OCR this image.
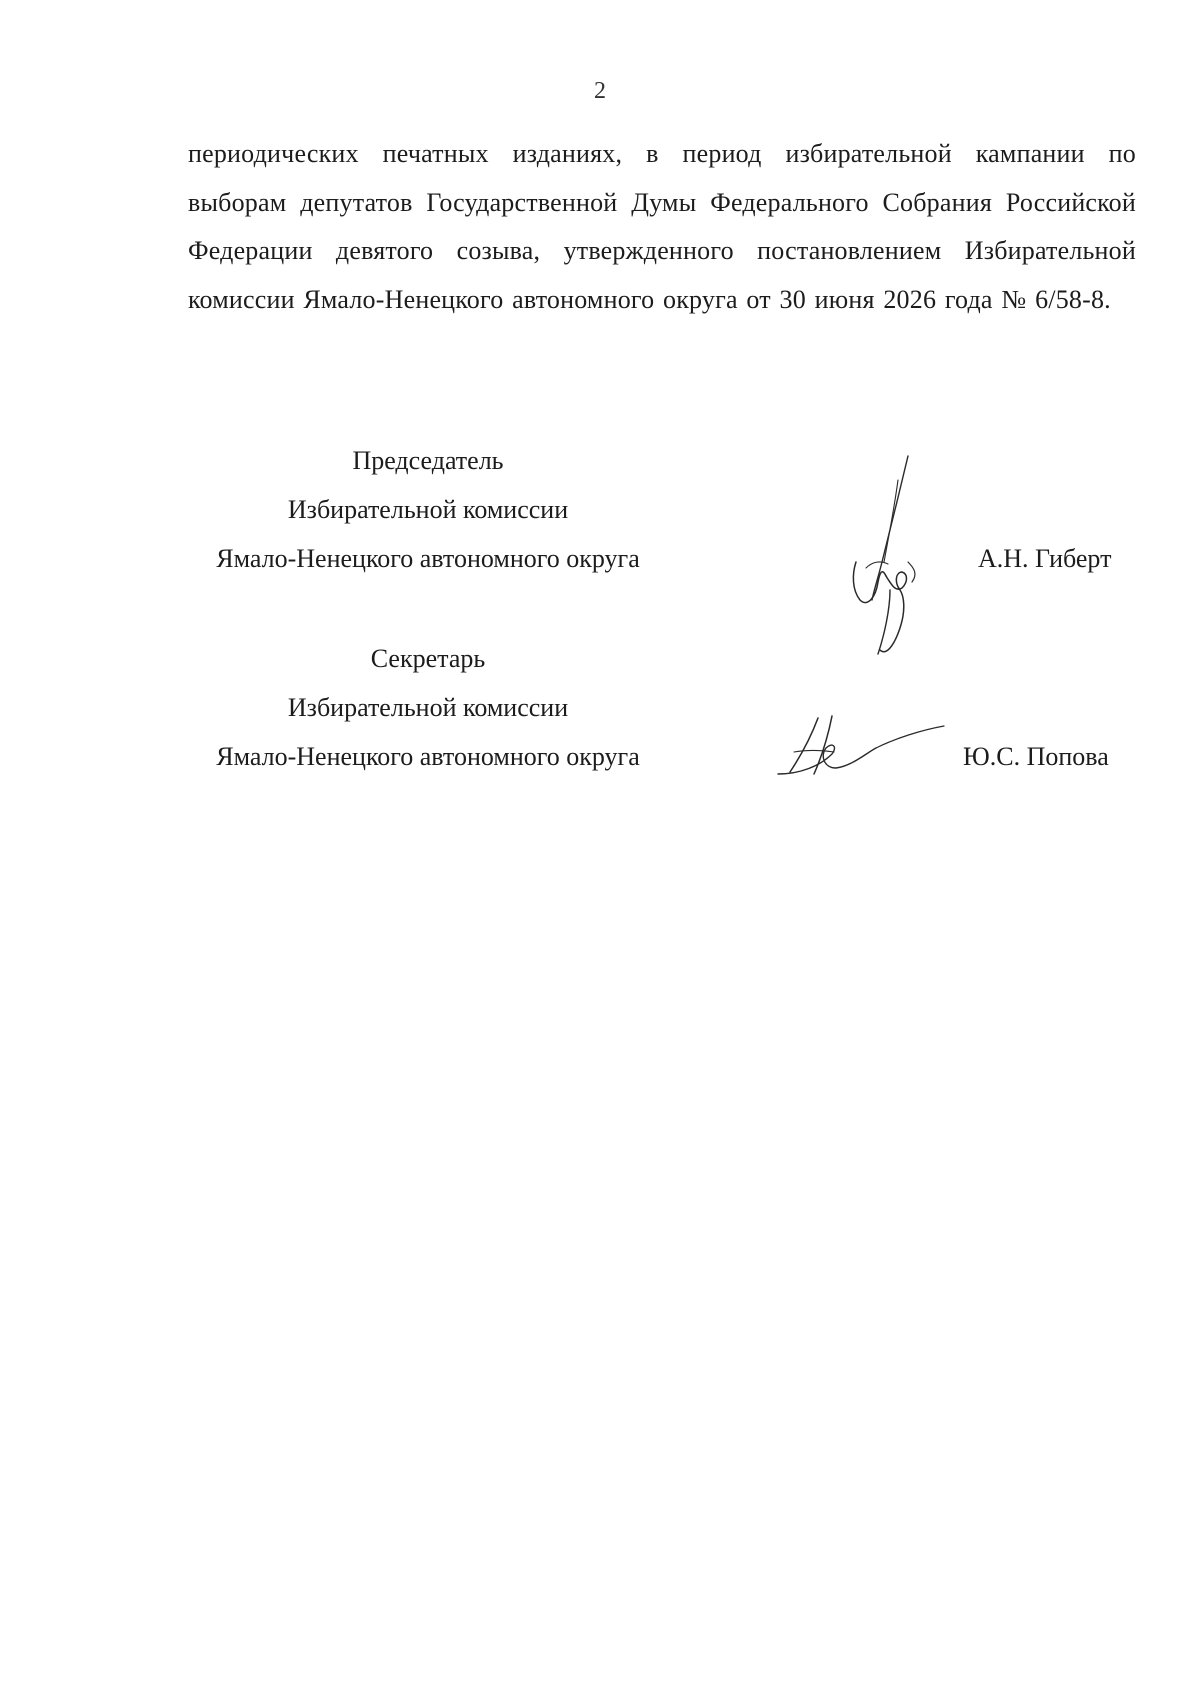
2
периодических печатных изданиях, в период избирательной кампании по выборам депутатов Государственной Думы Федерального Собрания Российской Федерации девятого созыва, утвержденного постановлением Избирательной комиссии Ямало-Ненецкого автономного округа от 30 июня 2026 года № 6/58-8.
Председатель
Избирательной комиссии
Ямало-Ненецкого автономного округа	А.Н. Гиберт
Секретарь
Избирательной комиссии
Ямало-Ненецкого автономного округа	Ю.С. Попова
